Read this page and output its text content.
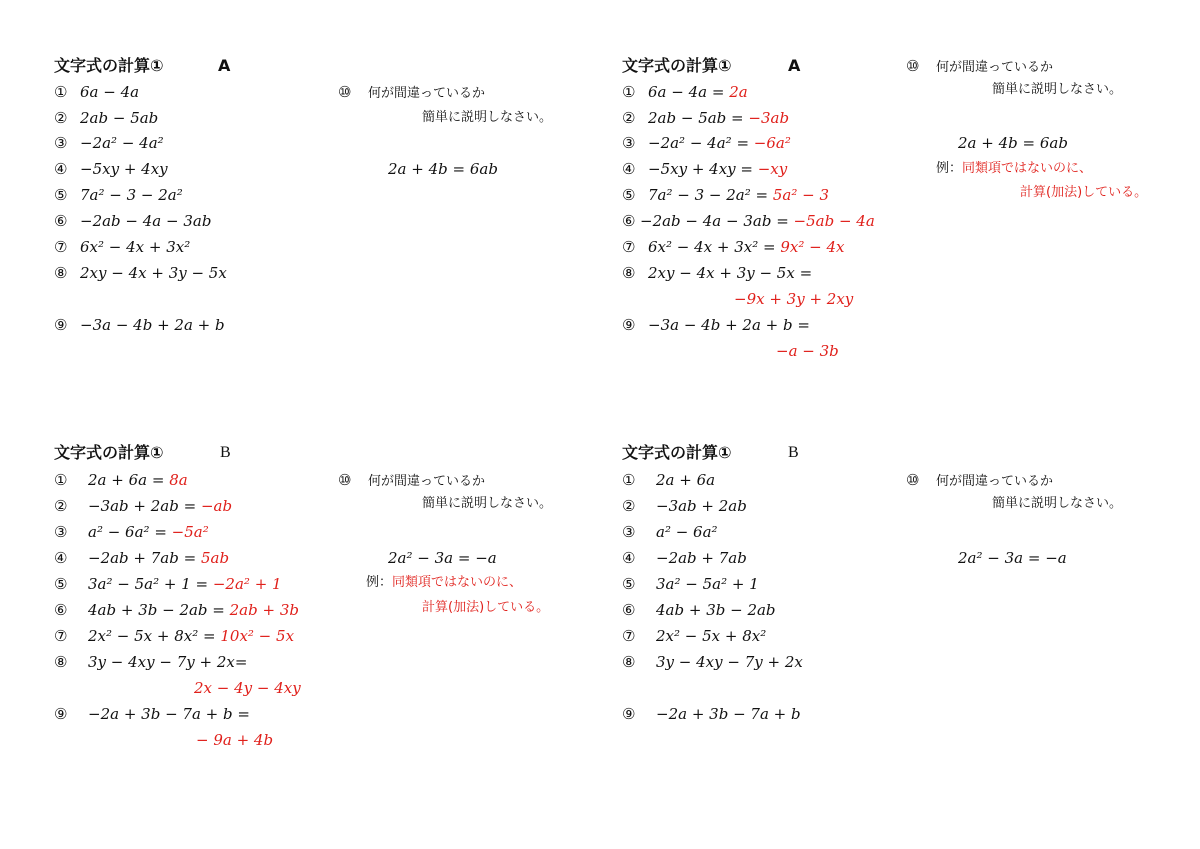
文字式の計算①	A
① 6a − 4a
② 2ab − 5ab
③ −2a² − 4a²
④ −5xy + 4xy
⑤ 7a² − 3 − 2a²
⑥ −2ab − 4a − 3ab
⑦ 6x² − 4x + 3x²
⑧ 2xy − 4x + 3y − 5x
⑨ −3a − 4b + 2a + b
⑩ 何が間違っているか
簡単に説明しなさい。
2a + 4b = 6ab
文字式の計算①	A
① 6a − 4a = 2a
② 2ab − 5ab = −3ab
③ −2a² − 4a² = −6a²
④ −5xy + 4xy = −xy
⑤ 7a² − 3 − 2a² = 5a² − 3
⑥ −2ab − 4a − 3ab = −5ab − 4a
⑦ 6x² − 4x + 3x² = 9x² − 4x
⑧ 2xy − 4x + 3y − 5x =
−9x + 3y + 2xy
⑨ −3a − 4b + 2a + b =
−a − 3b
⑩ 何が間違っているか
簡単に説明しなさい。
2a + 4b = 6ab
例：同類項ではないのに、
計算(加法)している。
文字式の計算①	B
① 2a + 6a = 8a
② −3ab + 2ab = −ab
③ a² − 6a² = −5a²
④ −2ab + 7ab = 5ab
⑤ 3a² − 5a² + 1 = −2a² + 1
⑥ 4ab + 3b − 2ab = 2ab + 3b
⑦ 2x² − 5x + 8x² = 10x² − 5x
⑧ 3y − 4xy − 7y + 2x=
2x − 4y − 4xy
⑨ −2a + 3b − 7a + b =
− 9a + 4b
⑩ 何が間違っているか
簡単に説明しなさい。
2a² − 3a = −a
例：同類項ではないのに、
計算(加法)している。
文字式の計算①	B
① 2a + 6a
② −3ab + 2ab
③ a² − 6a²
④ −2ab + 7ab
⑤ 3a² − 5a² + 1
⑥ 4ab + 3b − 2ab
⑦ 2x² − 5x + 8x²
⑧ 3y − 4xy − 7y + 2x
⑨ −2a + 3b − 7a + b
⑩ 何が間違っているか
簡単に説明しなさい。
2a² − 3a = −a
